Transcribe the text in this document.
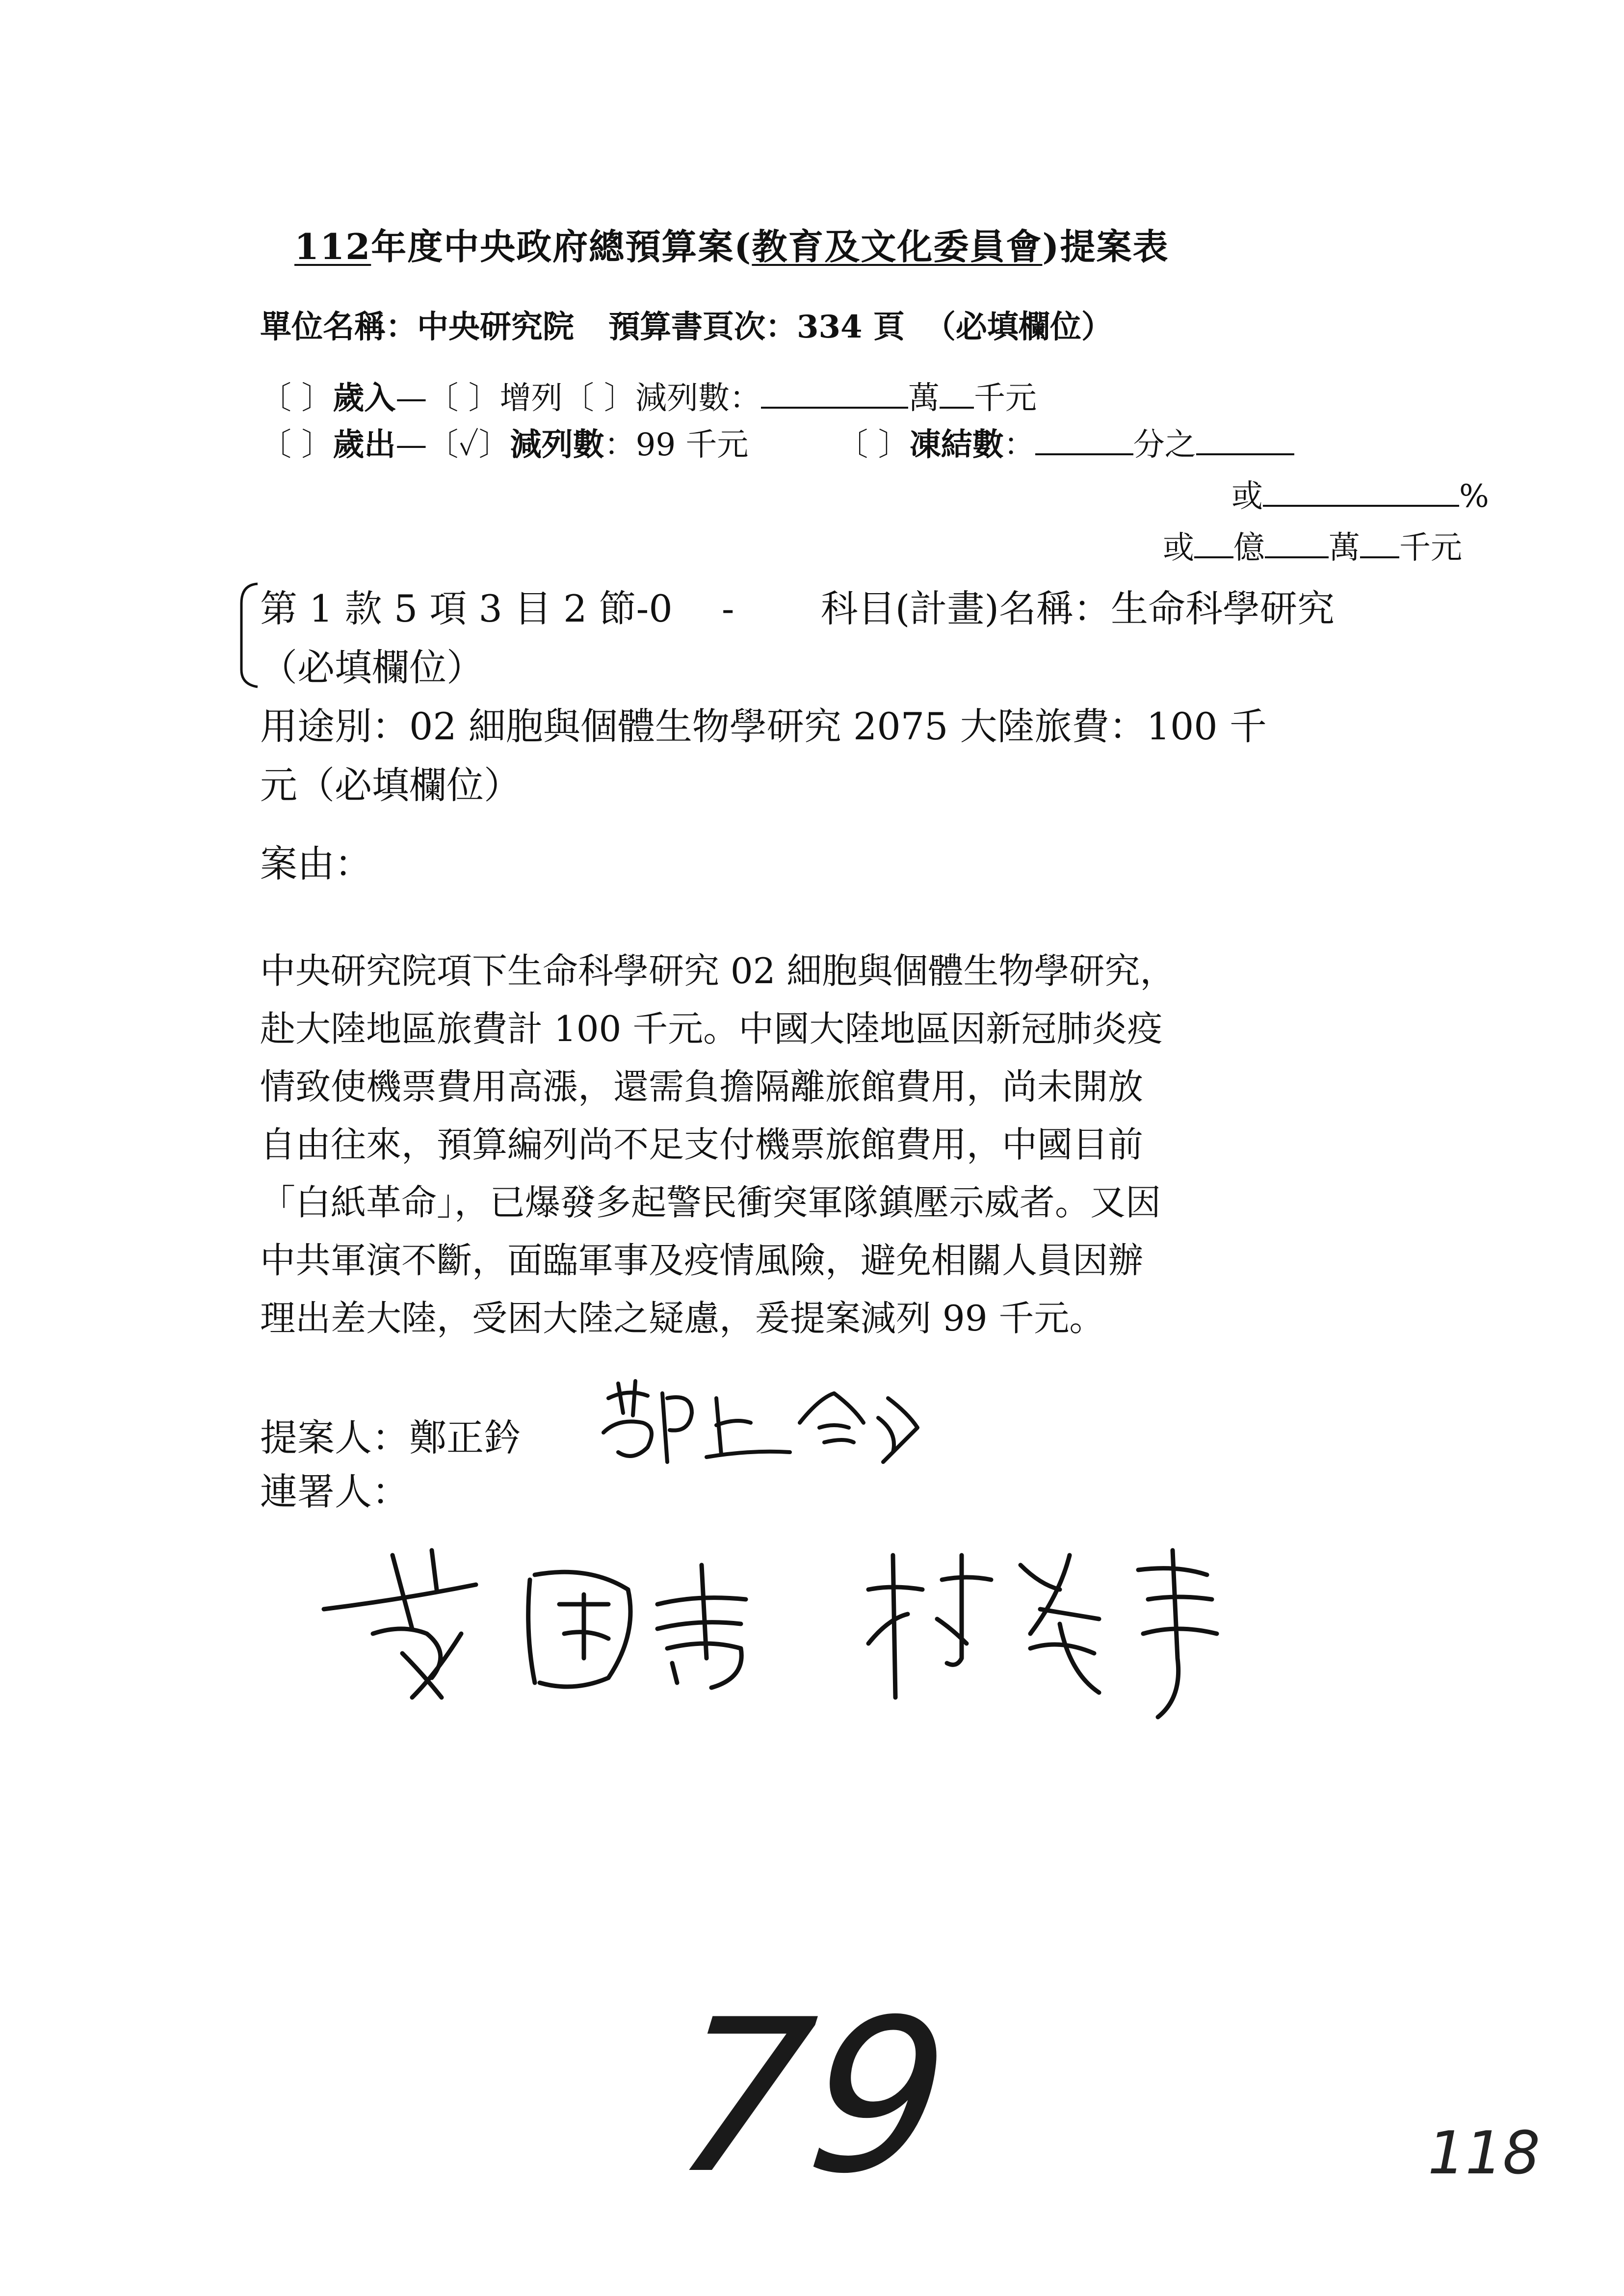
112年度中央政府總預算案(教育及文化委員會)提案表
單位名稱：中央研究院 預算書頁次：334 頁 （必填欄位）
〔 〕歲入—〔 〕增列〔 〕減列數：	萬 千元
〔 〕歲出—〔✓〕減列數：99 千元	〔 〕凍結數：	分之
或	%
或 億 萬 千元
第 1 款 5 項 3 目 2 節-0　 -　　 科目(計畫)名稱：生命科學研究
（必填欄位）
用途別：02 細胞與個體生物學研究 2075 大陸旅費：100 千
元（必填欄位）
案由：
中央研究院項下生命科學研究 02 細胞與個體生物學研究，
赴大陸地區旅費計 100 千元。中國大陸地區因新冠肺炎疫
情致使機票費用高漲，還需負擔隔離旅館費用，尚未開放
自由往來，預算編列尚不足支付機票旅館費用，中國目前
「白紙革命」，已爆發多起警民衝突軍隊鎮壓示威者。又因
中共軍演不斷，面臨軍事及疫情風險，避免相關人員因辦
理出差大陸，受困大陸之疑慮，爰提案減列 99 千元。
提案人：鄭正鈐
連署人：
79	118
